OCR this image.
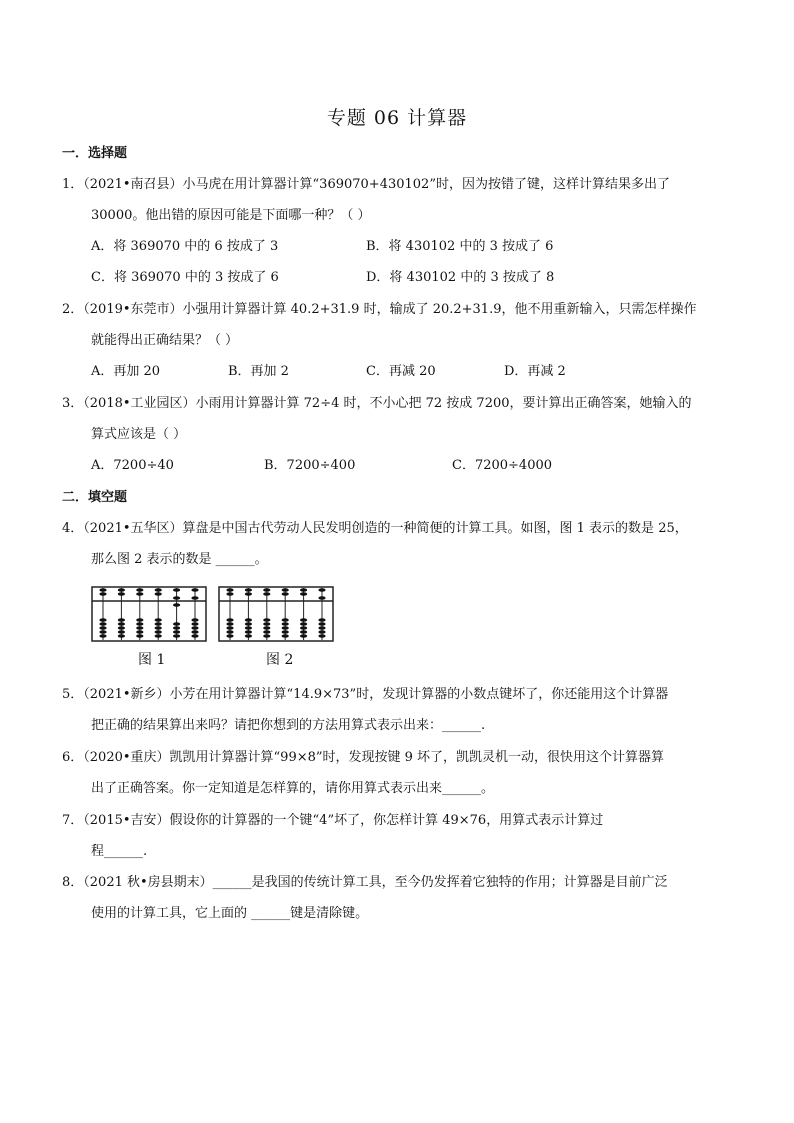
专题 06 计算器
一．选择题
1．（2021•南召县）小马虎在用计算器计算“369070+430102”时，因为按错了键，这样计算结果多出了
30000。他出错的原因可能是下面哪一种？（ ）
A．将 369070 中的 6 按成了 3	B．将 430102 中的 3 按成了 6
C．将 369070 中的 3 按成了 6	D．将 430102 中的 3 按成了 8
2．（2019•东莞市）小强用计算器计算 40.2+31.9 时，输成了 20.2+31.9，他不用重新输入，只需怎样操作
就能得出正确结果？（ ）
A．再加 20	B．再加 2	C．再减 20	D．再减 2
3．（2018•工业园区）小雨用计算器计算 72÷4 时，不小心把 72 按成 7200，要计算出正确答案，她输入的
算式应该是（ ）
A．7200÷40	B．7200÷400	C．7200÷4000
二．填空题
4．（2021•五华区）算盘是中国古代劳动人民发明创造的一种简便的计算工具。如图，图 1 表示的数是 25，
那么图 2 表示的数是 ______。
图 1	图 2
5．（2021•新乡）小芳在用计算器计算“14.9×73”时，发现计算器的小数点键坏了，你还能用这个计算器
把正确的结果算出来吗？请把你想到的方法用算式表示出来：______.
6．（2020•重庆）凯凯用计算器计算“99×8”时，发现按键 9 坏了，凯凯灵机一动，很快用这个计算器算
出了正确答案。你一定知道是怎样算的，请你用算式表示出来______。
7．（2015•吉安）假设你的计算器的一个键“4”坏了，你怎样计算 49×76，用算式表示计算过
程______.
8．（2021 秋•房县期末）______是我国的传统计算工具，至今仍发挥着它独特的作用；计算器是目前广泛
使用的计算工具，它上面的 ______键是清除键。
